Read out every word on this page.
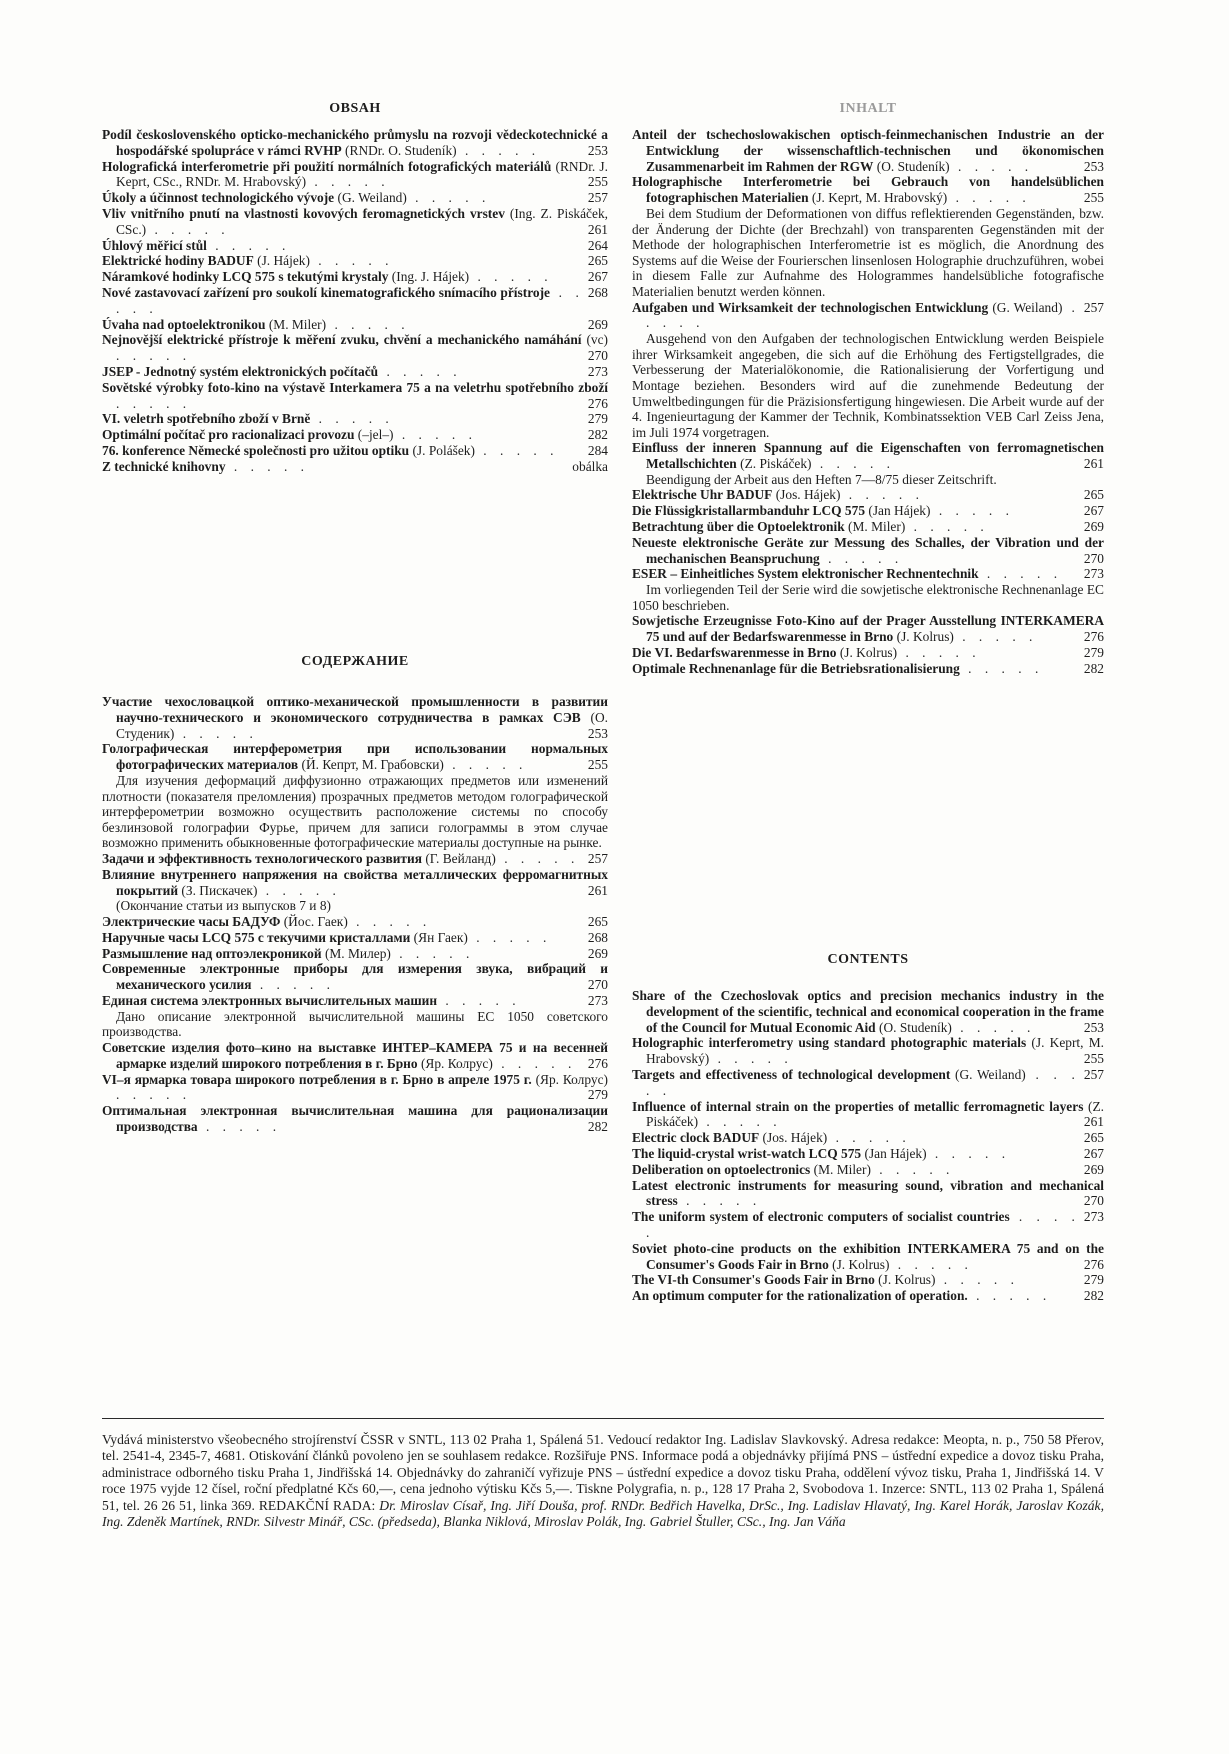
OBSAH
Podíl československého opticko-mechanického průmyslu na rozvoji vědeckotechnické a hospodářské spolupráce v rámci RVHP (RNDr. O. Studeník)	253
. . . . .
Holografická interferometrie při použití normálních fotografických materiálů (RNDr. J. Keprt, CSc., RNDr. M. Hrabovský)	255
. . . . .
Úkoly a účinnost technologického vývoje (G. Weiland)	257
. . . . .
Vliv vnitřního pnutí na vlastnosti kovových feromagnetických vrstev (Ing. Z. Piskáček, CSc.)	261
. . . . .
Úhlový měřicí stůl	264
. . . . .
Elektrické hodiny BADUF (J. Hájek)	265
. . . . .
Náramkové hodinky LCQ 575 s tekutými krystaly (Ing. J. Hájek)	267
. . . . .
Nové zastavovací zařízení pro soukolí kinematografického snímacího přístroje	268
. . . . .
Úvaha nad optoelektronikou (M. Miler)	269
. . . . .
Nejnovější elektrické přístroje k měření zvuku, chvění a mechanického namáhání (vc)
270
. . . . .
JSEP - Jednotný systém elektronických počítačů	273
. . . . .
Sovětské výrobky foto-kino na výstavě Interkamera 75 a na veletrhu spotřebního zboží
276
. . . . .
VI. veletrh spotřebního zboží v Brně	279
. . . . .
Optimální počítač pro racionalizaci provozu (–jel–)	282
. . . . .
76. konference Německé společnosti pro užitou optiku (J. Polášek)	284
. . . . .
Z technické knihovny	obálka
. . . . .
СОДЕРЖАНИЕ
Участие чехословацкой оптико-механической промышленности в развитии научно-технического и экономического сотрудничества в рамках СЭВ (О. Студеник)	253
. . . . .
Голографическая интерферометрия при использовании нормальных фотографических материалов (Й. Кепрт, М. Грабовски)	255
. . . . .
Для изучения деформаций диффузионно отражающих предметов или изменений плотности (показателя преломления) прозрачных предметов методом голографической интерферометрии возможно осуществить расположение системы по способу безлинзовой голографии Фурье, причем для записи голограммы в этом случае возможно применить обыкновенные фотографические материалы доступные на рынке.
Задачи и эффективность технологического развития (Г. Вейланд)	257
. . . . .
Влияние внутреннего напряжения на свойства металлических ферромагнитных покрытий (З. Пискачек)	261
. . . . .
(Окончание статьи из выпусков 7 и 8)
Электрические часы БАДУФ (Йос. Гаек)	265
. . . . .
Наручные часы LCQ 575 с текучими кристаллами (Ян Гаек)	268
. . . . .
Размышление над оптоэлекроникой (М. Милер)	269
. . . . .
Современные электронные приборы для измерения звука, вибраций и механического усилия	270
. . . . .
Единая система электронных вычислительных машин	273
. . . . .
Дано описание электронной вычислительной машины ЕС 1050 советского производства.
Советские изделия фото–кино на выставке ИНТЕР–КАМЕРА 75 и на весенней армарке изделий широкого потребления в г. Брно (Яр. Колрус)	276
. . . . .
VI–я ярмарка товара широкого потребления в г. Брно в апреле 1975 г. (Яр. Колрус)
279
. . . . .
Оптимальная электронная вычислительная машина для рационализации производства	282
. . . . .
INHALT
Anteil der tschechoslowakischen optisch-feinmechanischen Industrie an der Entwicklung der wissenschaftlich-technischen und ökonomischen Zusammenarbeit im Rahmen der RGW (O. Studeník)	253
. . . . .
Holographische Interferometrie bei Gebrauch von handelsüblichen fotographischen Materialien (J. Keprt, M. Hrabovský)	255
. . . . .
Bei dem Studium der Deformationen von diffus reflektierenden Gegenständen, bzw. der Änderung der Dichte (der Brechzahl) von transparenten Gegenständen mit der Methode der holographischen Interferometrie ist es möglich, die Anordnung des Systems auf die Weise der Fourierschen linsenlosen Holographie druchzuführen, wobei in diesem Falle zur Aufnahme des Hologrammes handelsübliche fotografische Materialien benutzt werden können.
Aufgaben und Wirksamkeit der technologischen Entwicklung (G. Weiland) 257
. . . . .
Ausgehend von den Aufgaben der technologischen Entwicklung werden Beispiele ihrer Wirksamkeit angegeben, die sich auf die Erhöhung des Fertigstellgrades, die Verbesserung der Materialökonomie, die Rationalisierung der Vorfertigung und Montage beziehen. Besonders wird auf die zunehmende Bedeutung der Umweltbedingungen für die Präzisionsfertigung hingewiesen. Die Arbeit wurde auf der 4. Ingenieurtagung der Kammer der Technik, Kombinatssektion VEB Carl Zeiss Jena, im Juli 1974 vorgetragen.
Einfluss der inneren Spannung auf die Eigenschaften von ferromagnetischen Metallschichten (Z. Piskáček)	261
. . . . .
Beendigung der Arbeit aus den Heften 7—8/75 dieser Zeitschrift.
Elektrische Uhr BADUF (Jos. Hájek)	265
. . . . .
Die Flüssigkristallarmbanduhr LCQ 575 (Jan Hájek)	267
. . . . .
Betrachtung über die Optoelektronik (M. Miler)	269
. . . . .
Neueste elektronische Geräte zur Messung des Schalles, der Vibration und der mechanischen Beanspruchung	270
. . . . .
ESER – Einheitliches System elektronischer Rechnentechnik	273
. . . . .
Im vorliegenden Teil der Serie wird die sowjetische elektronische Rechnenanlage EC 1050 beschrieben.
Sowjetische Erzeugnisse Foto-Kino auf der Prager Ausstellung INTERKAMERA 75 und auf der Bedarfswarenmesse in Brno (J. Kolrus)	276
. . . . .
Die VI. Bedarfswarenmesse in Brno (J. Kolrus)	279
. . . . .
Optimale Rechnenanlage für die Betriebsrationalisierung	282
. . . . .
CONTENTS
Share of the Czechoslovak optics and precision mechanics industry in the development of the scientific, technical and economical cooperation in the frame of the Council for Mutual Economic Aid (O. Studeník)	253
. . . . .
Holographic interferometry using standard photographic materials (J. Keprt, M. Hrabovský)	255
. . . . .
Targets and effectiveness of technological development (G. Weiland)	257
. . . . .
Influence of internal strain on the properties of metallic ferromagnetic layers (Z. Piskáček)	261
. . . . .
Electric clock BADUF (Jos. Hájek)	265
. . . . .
The liquid-crystal wrist-watch LCQ 575 (Jan Hájek)	267
. . . . .
Deliberation on optoelectronics (M. Miler)	269
. . . . .
Latest electronic instruments for measuring sound, vibration and mechanical stress	270
. . . . .
The uniform system of electronic computers of socialist countries	273
. . . . .
Soviet photo-cine products on the exhibition INTERKAMERA 75 and on the Consumer's Goods Fair in Brno (J. Kolrus)	276
. . . . .
The VI-th Consumer's Goods Fair in Brno (J. Kolrus)	279
. . . . .
An optimum computer for the rationalization of operation.	282
. . . . .
Vydává ministerstvo všeobecného strojírenství ČSSR v SNTL, 113 02 Praha 1, Spálená 51. Vedoucí redaktor Ing. Ladislav Slavkovský. Adresa redakce: Meopta, n. p., 750 58 Přerov, tel. 2541-4, 2345-7, 4681. Otiskování článků povoleno jen se souhlasem redakce. Rozšiřuje PNS. Informace podá a objednávky přijímá PNS – ústřední expedice a dovoz tisku Praha, administrace odborného tisku Praha 1, Jindřišská 14. Objednávky do zahraničí vyřizuje PNS – ústřední expedice a dovoz tisku Praha, oddělení vývoz tisku, Praha 1, Jindřišská 14. V roce 1975 vyjde 12 čísel, roční předplatné Kčs 60,—, cena jednoho výtisku Kčs 5,—. Tiskne Polygrafia, n. p., 128 17 Praha 2, Svobodova 1. Inzerce: SNTL, 113 02 Praha 1, Spálená 51, tel. 26 26 51, linka 369. REDAKČNÍ RADA: Dr. Miroslav Císař, Ing. Jiří Douša, prof. RNDr. Bedřich Havelka, DrSc., Ing. Ladislav Hlavatý, Ing. Karel Horák, Jaroslav Kozák, Ing. Zdeněk Martínek, RNDr. Silvestr Minář, CSc. (předseda), Blanka Niklová, Miroslav Polák, Ing. Gabriel Štuller, CSc., Ing. Jan Váňa
